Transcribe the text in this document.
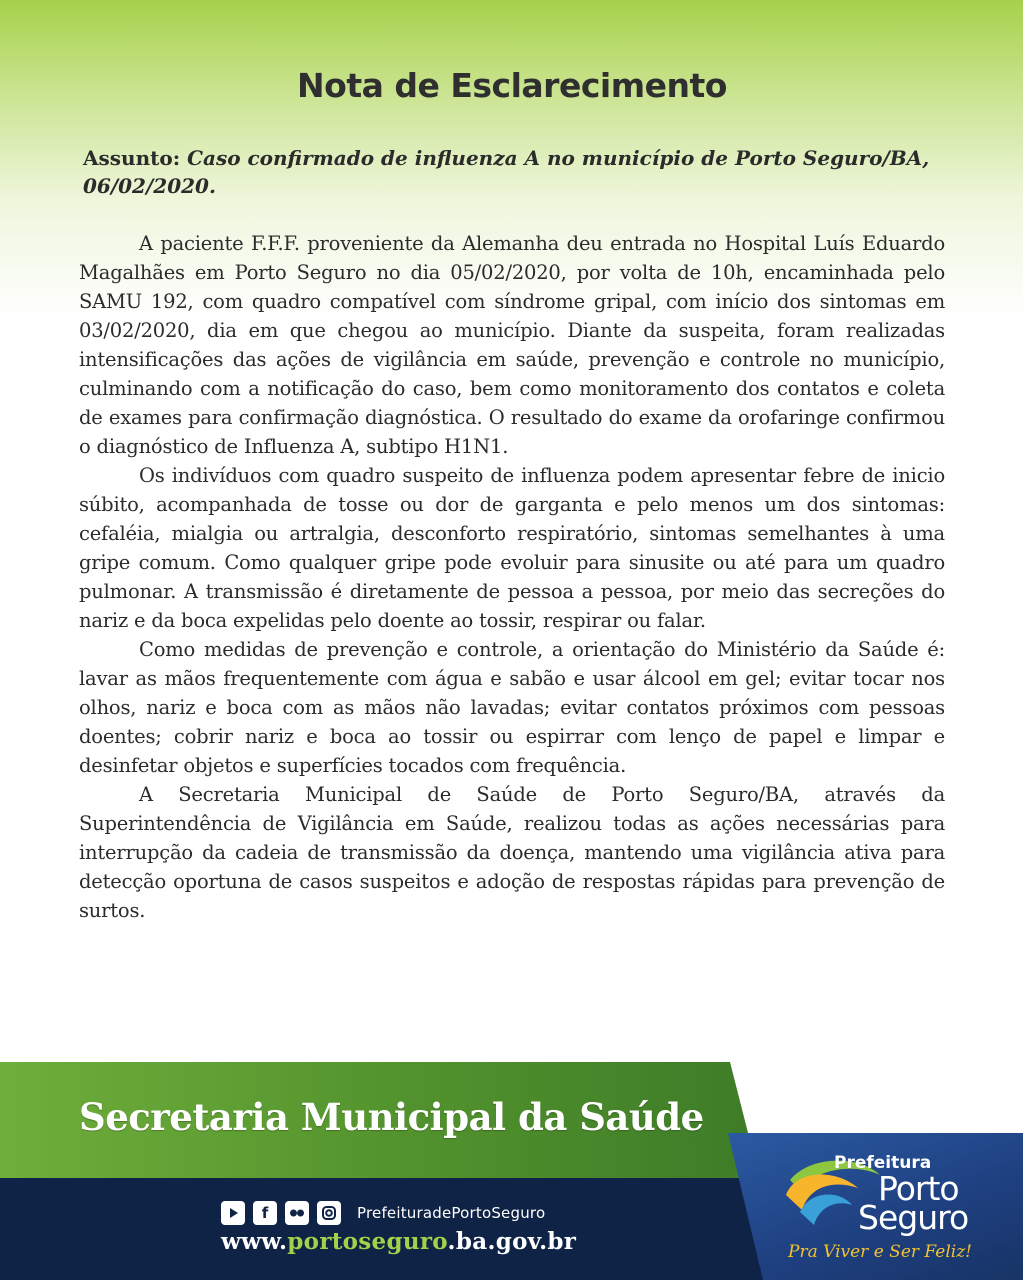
Nota de Esclarecimento
Assunto: Caso confirmado de influenza A no município de Porto Seguro/BA, 06/02/2020.

A paciente F.F.F. proveniente da Alemanha deu entrada no Hospital Luís Eduardo Magalhães em Porto Seguro no dia 05/02/2020, por volta de 10h, encaminhada pelo SAMU 192, com quadro compatível com síndrome gripal, com início dos sintomas em 03/02/2020, dia em que chegou ao município. Diante da suspeita, foram realizadas intensificações das ações de vigilância em saúde, prevenção e controle no município, culminando com a notificação do caso, bem como monitoramento dos contatos e coleta de exames para confirmação diagnóstica. O resultado do exame da orofaringe confirmou o diagnóstico de Influenza A, subtipo H1N1.

Os indivíduos com quadro suspeito de influenza podem apresentar febre de inicio súbito, acompanhada de tosse ou dor de garganta e pelo menos um dos sintomas: cefaléia, mialgia ou artralgia, desconforto respiratório, sintomas semelhantes à uma gripe comum. Como qualquer gripe pode evoluir para sinusite ou até para um quadro pulmonar. A transmissão é diretamente de pessoa a pessoa, por meio das secreções do nariz e da boca expelidas pelo doente ao tossir, respirar ou falar.

Como medidas de prevenção e controle, a orientação do Ministério da Saúde é: lavar as mãos frequentemente com água e sabão e usar álcool em gel; evitar tocar nos olhos, nariz e boca com as mãos não lavadas; evitar contatos próximos com pessoas doentes; cobrir nariz e boca ao tossir ou espirrar com lenço de papel e limpar e desinfetar objetos e superfícies tocados com frequência.

A Secretaria Municipal de Saúde de Porto Seguro/BA, através da Superintendência de Vigilância em Saúde, realizou todas as ações necessárias para interrupção da cadeia de transmissão da doença, mantendo uma vigilância ativa para detecção oportuna de casos suspeitos e adoção de respostas rápidas para prevenção de surtos.

Secretaria Municipal da Saúde
f	PrefeituradePortoSeguro
www.portoseguro.ba.gov.br
Prefeitura
Porto
Seguro
Pra Viver e Ser Feliz!
